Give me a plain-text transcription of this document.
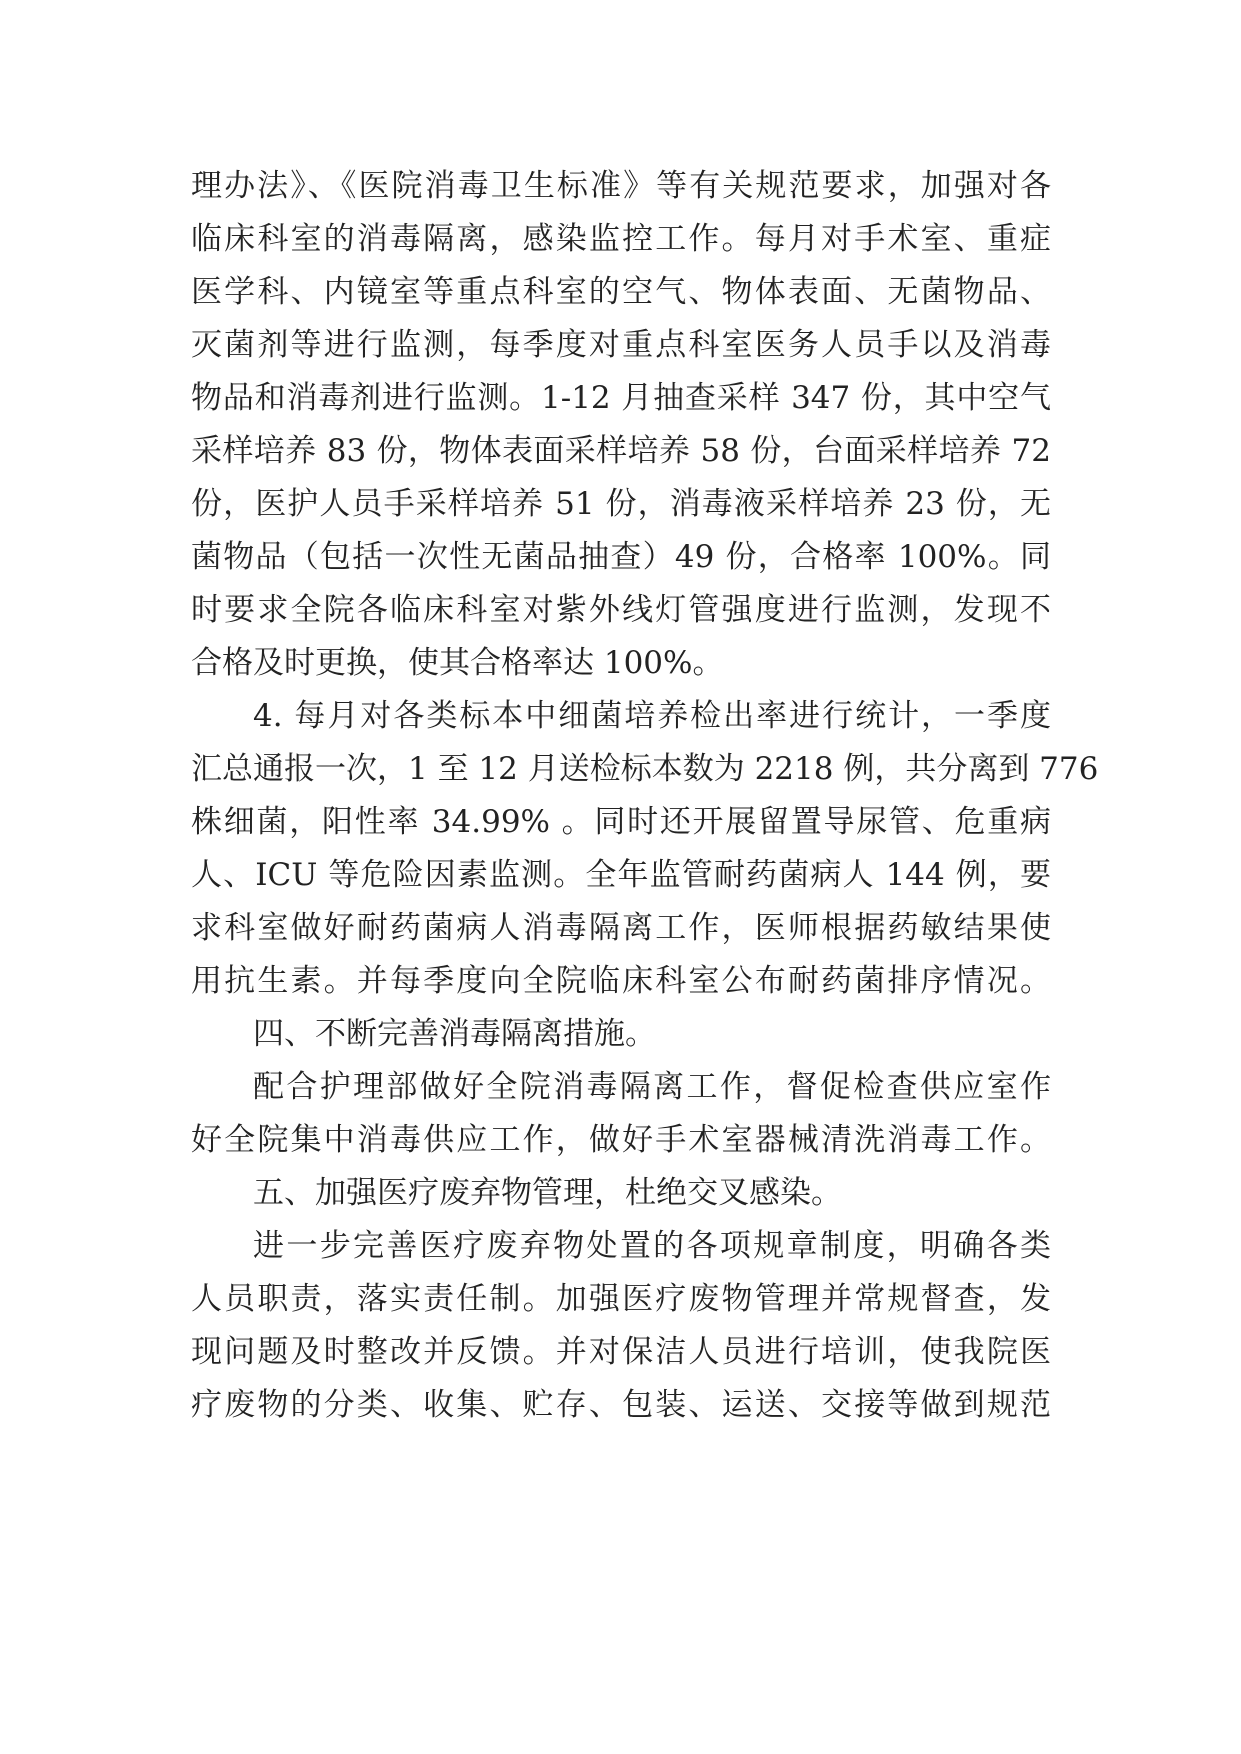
理办法》、《医院消毒卫生标准》等有关规范要求，加强对各
临床科室的消毒隔离，感染监控工作。每月对手术室、重症
医学科、内镜室等重点科室的空气、物体表面、无菌物品、
灭菌剂等进行监测，每季度对重点科室医务人员手以及消毒
物品和消毒剂进行监测。1-12 月抽查采样 347 份，其中空气
采样培养 83 份，物体表面采样培养 58 份，台面采样培养 72
份，医护人员手采样培养 51 份，消毒液采样培养 23 份，无
菌物品（包括一次性无菌品抽查）49 份，合格率 100%。同
时要求全院各临床科室对紫外线灯管强度进行监测，发现不
合格及时更换，使其合格率达 100%。
4. 每月对各类标本中细菌培养检出率进行统计，一季度
汇总通报一次，1 至 12 月送检标本数为 2218 例，共分离到 776
株细菌，阳性率 34.99% 。同时还开展留置导尿管、危重病
人、ICU 等危险因素监测。全年监管耐药菌病人 144 例，要
求科室做好耐药菌病人消毒隔离工作，医师根据药敏结果使
用抗生素。并每季度向全院临床科室公布耐药菌排序情况。
四、不断完善消毒隔离措施。
配合护理部做好全院消毒隔离工作，督促检查供应室作
好全院集中消毒供应工作，做好手术室器械清洗消毒工作。
五、加强医疗废弃物管理，杜绝交叉感染。
进一步完善医疗废弃物处置的各项规章制度，明确各类
人员职责，落实责任制。加强医疗废物管理并常规督查，发
现问题及时整改并反馈。并对保洁人员进行培训，使我院医
疗废物的分类、收集、贮存、包装、运送、交接等做到规范
